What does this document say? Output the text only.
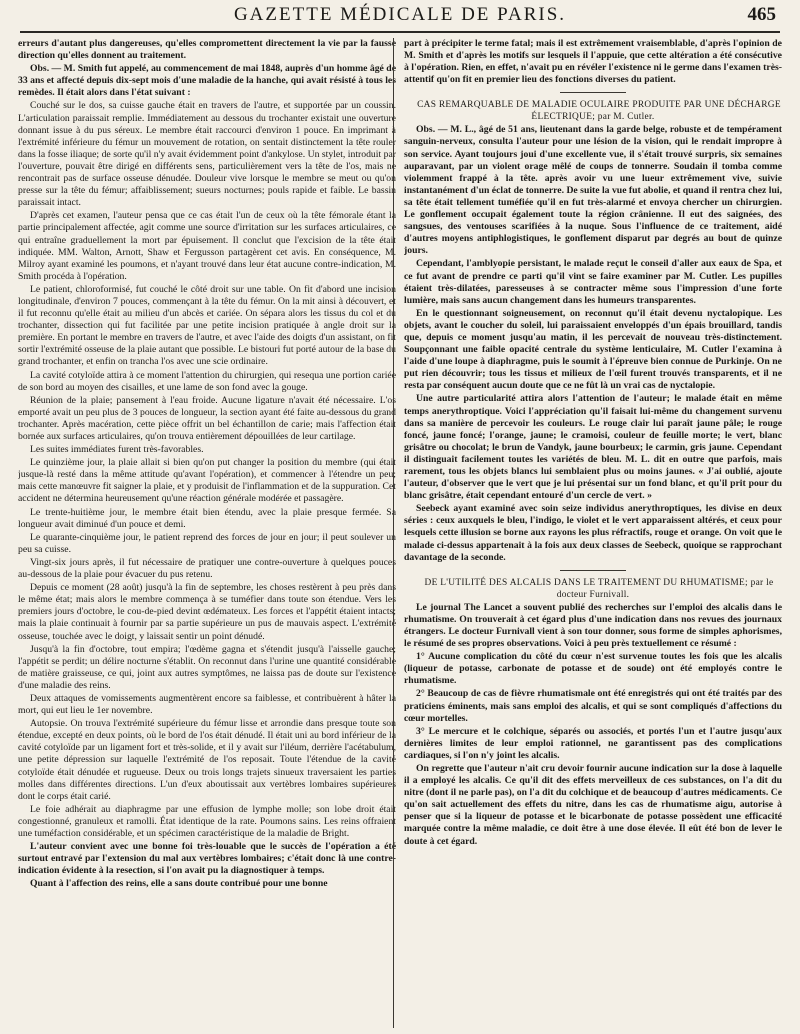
GAZETTE MÉDICALE DE PARIS.	465

erreurs d'autant plus dangereuses, qu'elles compromettent directement la vie par la fausse direction qu'elles donnent au traitement.

Obs. — M. Smith fut appelé, au commencement de mai 1848, auprès d'un homme âgé de 33 ans et affecté depuis dix-sept mois d'une maladie de la hanche, qui avait résisté à tous les remèdes. Il était alors dans l'état suivant :

Couché sur le dos, sa cuisse gauche était en travers de l'autre, et supportée par un coussin. L'articulation paraissait remplie. Immédiatement au dessous du trochanter existait une ouverture donnant issue à du pus séreux. Le membre était raccourci d'environ 1 pouce. En imprimant à l'extrémité inférieure du fémur un mouvement de rotation, on sentait distinctement la tête rouler dans la fosse iliaque; de sorte qu'il n'y avait évidemment point d'ankylose. Un stylet, introduit par l'ouverture, pouvait être dirigé en différents sens, particulièrement vers la tête de l'os, mais ne rencontrait pas de surface osseuse dénudée. Douleur vive lorsque le membre se meut ou qu'on presse sur la tête du fémur; affaiblissement; sueurs nocturnes; pouls rapide et faible. Le bassin paraissait intact.

D'après cet examen, l'auteur pensa que ce cas était l'un de ceux où la tête fémorale étant la partie principalement affectée, agit comme une source d'irritation sur les surfaces articulaires, ce qui entraîne graduellement la mort par épuisement. Il conclut que l'excision de la tête était indiquée. MM. Walton, Arnott, Shaw et Fergusson partagèrent cet avis. En conséquence, M. Milroy ayant examiné les poumons, et n'ayant trouvé dans leur état aucune contre-indication, M. Smith procéda à l'opération.

Le patient, chloroformisé, fut couché le côté droit sur une table. On fit d'abord une incision longitudinale, d'environ 7 pouces, commençant à la tête du fémur. On la mit ainsi à découvert, et il fut reconnu qu'elle était au milieu d'un abcès et cariée. On sépara alors les tissus du col et du trochanter, dissection qui fut facilitée par une petite incision pratiquée à angle droit sur la première. En portant le membre en travers de l'autre, et avec l'aide des doigts d'un assistant, on fit sortir l'extrémité osseuse de la plaie autant que possible. Le bistouri fut porté autour de la base du grand trochanter, et enfin on trancha l'os avec une scie ordinaire.

La cavité cotyloïde attira à ce moment l'attention du chirurgien, qui resequa une portion cariée de son bord au moyen des cisailles, et une lame de son fond avec la gouge.

Réunion de la plaie; pansement à l'eau froide. Aucune ligature n'avait été nécessaire. L'os emporté avait un peu plus de 3 pouces de longueur, la section ayant été faite au-dessous du grand trochanter. Après macération, cette pièce offrit un bel échantillon de carie; mais l'affection était bornée aux surfaces articulaires, qu'on trouva entièrement dépouillées de leur cartilage.

Les suites immédiates furent très-favorables.

Le quinzième jour, la plaie allait si bien qu'on put changer la position du membre (qui était jusque-là resté dans la même attitude qu'avant l'opération), et commencer à l'étendre un peu; mais cette manœuvre fit saigner la plaie, et y produisit de l'inflammation et de la suppuration. Cet accident ne détermina heureusement qu'une réaction générale modérée et passagère.

Le trente-huitième jour, le membre était bien étendu, avec la plaie presque fermée. Sa longueur avait diminué d'un pouce et demi.

Le quarante-cinquième jour, le patient reprend des forces de jour en jour; il peut soulever un peu sa cuisse.

Vingt-six jours après, il fut nécessaire de pratiquer une contre-ouverture à quelques pouces au-dessous de la plaie pour évacuer du pus retenu.

Depuis ce moment (28 août) jusqu'à la fin de septembre, les choses restèrent à peu près dans le même état; mais alors le membre commença à se tuméfier dans toute son étendue. Vers les premiers jours d'octobre, le cou-de-pied devint œdémateux. Les forces et l'appétit étaient intacts; mais la plaie continuait à fournir par sa partie supérieure un pus de mauvais aspect. L'extrémité osseuse, touchée avec le doigt, y laissait sentir un point dénudé.

Jusqu'à la fin d'octobre, tout empira; l'œdème gagna et s'étendit jusqu'à l'aisselle gauche; l'appétit se perdit; un délire nocturne s'établit. On reconnut dans l'urine une quantité considérable de matière graisseuse, ce qui, joint aux autres symptômes, ne laissa pas de doute sur l'existence d'une maladie des reins.

Deux attaques de vomissements augmentèrent encore sa faiblesse, et contribuèrent à hâter la mort, qui eut lieu le 1er novembre.

Autopsie. On trouva l'extrémité supérieure du fémur lisse et arrondie dans presque toute son étendue, excepté en deux points, où le bord de l'os était dénudé. Il était uni au bord inférieur de la cavité cotyloïde par un ligament fort et très-solide, et il y avait sur l'iléum, derrière l'acétabulum, une petite dépression sur laquelle l'extrémité de l'os reposait. Toute l'étendue de la cavité cotyloïde était dénudée et rugueuse. Deux ou trois longs trajets sinueux traversaient les parties molles dans différentes directions. L'un d'eux aboutissait aux vertèbres lombaires supérieures dont le corps était carié.

Le foie adhérait au diaphragme par une effusion de lymphe molle; son lobe droit était congestionné, granuleux et ramolli. État identique de la rate. Poumons sains. Les reins offraient une tuméfaction considérable, et un spécimen caractéristique de la maladie de Bright.

L'auteur convient avec une bonne foi très-louable que le succès de l'opération a été surtout entravé par l'extension du mal aux vertèbres lombaires; c'était donc là une contre-indication évidente à la resection, si l'on avait pu la diagnostiquer à temps.

Quant à l'affection des reins, elle a sans doute contribué pour une bonne

part à précipiter le terme fatal; mais il est extrêmement vraisemblable, d'après l'opinion de M. Smith et d'après les motifs sur lesquels il l'appuie, que cette altération a été consécutive à l'opération. Rien, en effet, n'avait pu en révéler l'existence ni le germe dans l'examen très-attentif qu'on fit en premier lieu des fonctions diverses du patient.

CAS REMARQUABLE DE MALADIE OCULAIRE PRODUITE PAR UNE DÉCHARGE ÉLECTRIQUE; par M. Cutler.

Obs. — M. L., âgé de 51 ans, lieutenant dans la garde belge, robuste et de tempérament sanguin-nerveux, consulta l'auteur pour une lésion de la vision, qui le rendait impropre à son service. Ayant toujours joui d'une excellente vue, il s'était trouvé surpris, six semaines auparavant, par un violent orage mêlé de coups de tonnerre. Soudain il tomba comme violemment frappé à la tête. après avoir vu une lueur extrêmement vive, suivie instantanément d'un éclat de tonnerre. De suite la vue fut abolie, et quand il rentra chez lui, sa tête était tellement tuméfiée qu'il en fut très-alarmé et envoya chercher un chirurgien. Le gonflement occupait également toute la région crânienne. Il eut des saignées, des sangsues, des ventouses scarifiées à la nuque. Sous l'influence de ce traitement, aidé d'autres moyens antiphlogistiques, le gonflement disparut par degrés au bout de quinze jours.

Cependant, l'amblyopie persistant, le malade reçut le conseil d'aller aux eaux de Spa, et ce fut avant de prendre ce parti qu'il vint se faire examiner par M. Cutler. Les pupilles étaient très-dilatées, paresseuses à se contracter même sous l'impression d'une forte lumière, mais sans aucun changement dans les humeurs transparentes.

En le questionnant soigneusement, on reconnut qu'il était devenu nyctalopique. Les objets, avant le coucher du soleil, lui paraissaient enveloppés d'un épais brouillard, tandis que, depuis ce moment jusqu'au matin, il les percevait de nouveau très-distinctement. Soupçonnant une faible opacité centrale du système lenticulaire, M. Cutler l'examina à l'aide d'une loupe à diaphragme, puis le soumit à l'épreuve bien connue de Purkinje. On ne put rien découvrir; tous les tissus et milieux de l'œil furent trouvés transparents, et il ne resta par conséquent aucun doute que ce ne fût là un vrai cas de nyctalopie.

Une autre particularité attira alors l'attention de l'auteur; le malade était en même temps anerythroptique. Voici l'appréciation qu'il faisait lui-même du changement survenu dans sa manière de percevoir les couleurs. Le rouge clair lui paraît jaune pâle; le rouge foncé, jaune foncé; l'orange, jaune; le cramoisi, couleur de feuille morte; le vert, blanc grisâtre ou chocolat; le brun de Vandyk, jaune bourbeux; le carmin, gris jaune. Cependant il distinguait facilement toutes les variétés de bleu. M. L. dit en outre que parfois, mais rarement, tous les objets blancs lui semblaient plus ou moins jaunes. « J'ai oublié, ajoute l'auteur, d'observer que le vert que je lui présentai sur un fond blanc, et qu'il prit pour du blanc grisâtre, était cependant entouré d'un cercle de vert. »

Seebeck ayant examiné avec soin seize individus anerythroptiques, les divise en deux séries : ceux auxquels le bleu, l'indigo, le violet et le vert apparaissent altérés, et ceux pour lesquels cette illusion se borne aux rayons les plus réfractifs, rouge et orange. On voit que le malade ci-dessus appartenait à la fois aux deux classes de Seebeck, quoique se rapprochant davantage de la seconde.

DE L'UTILITÉ DES ALCALIS DANS LE TRAITEMENT DU RHUMATISME; par le docteur Furnivall.

Le journal The Lancet a souvent publié des recherches sur l'emploi des alcalis dans le rhumatisme. On trouverait à cet égard plus d'une indication dans nos revues des journaux étrangers. Le docteur Furnivall vient à son tour donner, sous forme de simples aphorismes, le résumé de ses propres observations. Voici à peu près textuellement ce résumé :

1° Aucune complication du côté du cœur n'est survenue toutes les fois que les alcalis (liqueur de potasse, carbonate de potasse et de soude) ont été employés contre le rhumatisme.

2° Beaucoup de cas de fièvre rhumatismale ont été enregistrés qui ont été traités par des praticiens éminents, mais sans emploi des alcalis, et qui se sont compliqués d'affections du cœur mortelles.

3° Le mercure et le colchique, séparés ou associés, et portés l'un et l'autre jusqu'aux dernières limites de leur emploi rationnel, ne garantissent pas des complications cardiaques, si l'on n'y joint les alcalis.

On regrette que l'auteur n'ait cru devoir fournir aucune indication sur la dose à laquelle il a employé les alcalis. Ce qu'il dit des effets merveilleux de ces substances, on l'a dit du nitre (dont il ne parle pas), on l'a dit du colchique et de beaucoup d'autres médicaments. Ce qu'on sait actuellement des effets du nitre, dans les cas de rhumatisme aigu, autorise à penser que si la liqueur de potasse et le bicarbonate de potasse possèdent une efficacité marquée contre la même maladie, ce doit être à une dose élevée. Il eût été bon de lever le doute à cet égard.
